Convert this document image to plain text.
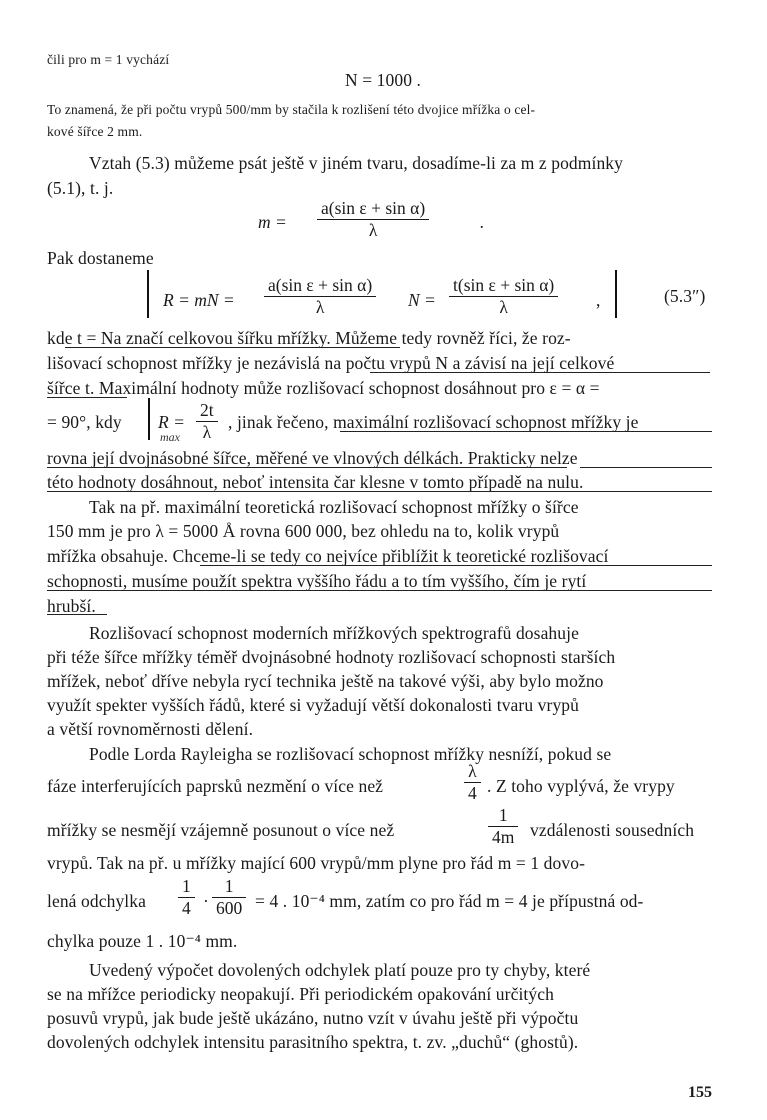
čili pro m = 1 vychází
N = 1000 .
To znamená, že při počtu vrypů 500/mm by stačila k rozlišení této dvojice mřížka o cel-
kové šířce 2 mm.
Vztah (5.3) můžeme psát ještě v jiném tvaru, dosadíme-li za m z podmínky
(5.1), t. j.
$m = \frac{\text{a(sin ε + sin α)}}{\lambda}$	.
Pak dostaneme
R = mN = $\frac{\text{a(sin ε + sin α)}}{\lambda}$ $N = \frac{\text{t(sin ε + sin α)}}{\lambda}$ ,	(5.3″)
kde t = Na značí celkovou šířku mřížky. Můžeme tedy rovněž říci, že roz-
lišovací schopnost mřížky je nezávislá na počtu vrypů N a závisí na její celkové
šířce t. Maximální hodnoty může rozlišovací schopnost dosáhnout pro ε = α =
= 90°, kdy $R = \frac{2t}{\lambda}$
max
, jinak řečeno, maximální rozlišovací schopnost mřížky je
rovna její dvojnásobné šířce, měřené ve vlnových délkách. Prakticky nelze
této hodnoty dosáhnout, neboť intensita čar klesne v tomto případě na nulu.
Tak na př. maximální teoretická rozlišovací schopnost mřížky o šířce
150 mm je pro λ = 5000 Å rovna 600 000, bez ohledu na to, kolik vrypů
mřížka obsahuje. Chceme-li se tedy co nejvíce přiblížit k teoretické rozlišovací
schopnosti, musíme použít spektra vyššího řádu a to tím vyššího, čím je rytí
hrubší.
Rozlišovací schopnost moderních mřížkových spektrografů dosahuje
při téže šířce mřížky téměř dvojnásobné hodnoty rozlišovací schopnosti starších
mřížek, neboť dříve nebyla rycí technika ještě na takové výši, aby bylo možno
využít spekter vyšších řádů, které si vyžadují větší dokonalosti tvaru vrypů
a větší rovnoměrnosti dělení.
Podle Lorda Rayleigha se rozlišovací schopnost mřížky nesníží, pokud se
fáze interferujících paprsků nezmění o více než	$\frac{\lambda}{4}$ . Z toho vyplývá, že vrypy
mřížky se nesmějí vzájemně posunout o více než	$\frac{1}{4m}$ vzdálenosti sousedních
vrypů. Tak na př. u mřížky mající 600 vrypů/mm plyne pro řád m = 1 dovo-
lená odchylka $\frac{1}{4} \cdot \frac{1}{600} = 4$ . 10⁻⁴ mm, zatím co pro řád m = 4 je přípustná od-
chylka pouze 1 . 10⁻⁴ mm.
Uvedený výpočet dovolených odchylek platí pouze pro ty chyby, které
se na mřížce periodicky neopakují. Při periodickém opakování určitých
posuvů vrypů, jak bude ještě ukázáno, nutno vzít v úvahu ještě při výpočtu
dovolených odchylek intensitu parasitního spektra, t. zv. „duchů“ (ghostů).
155
